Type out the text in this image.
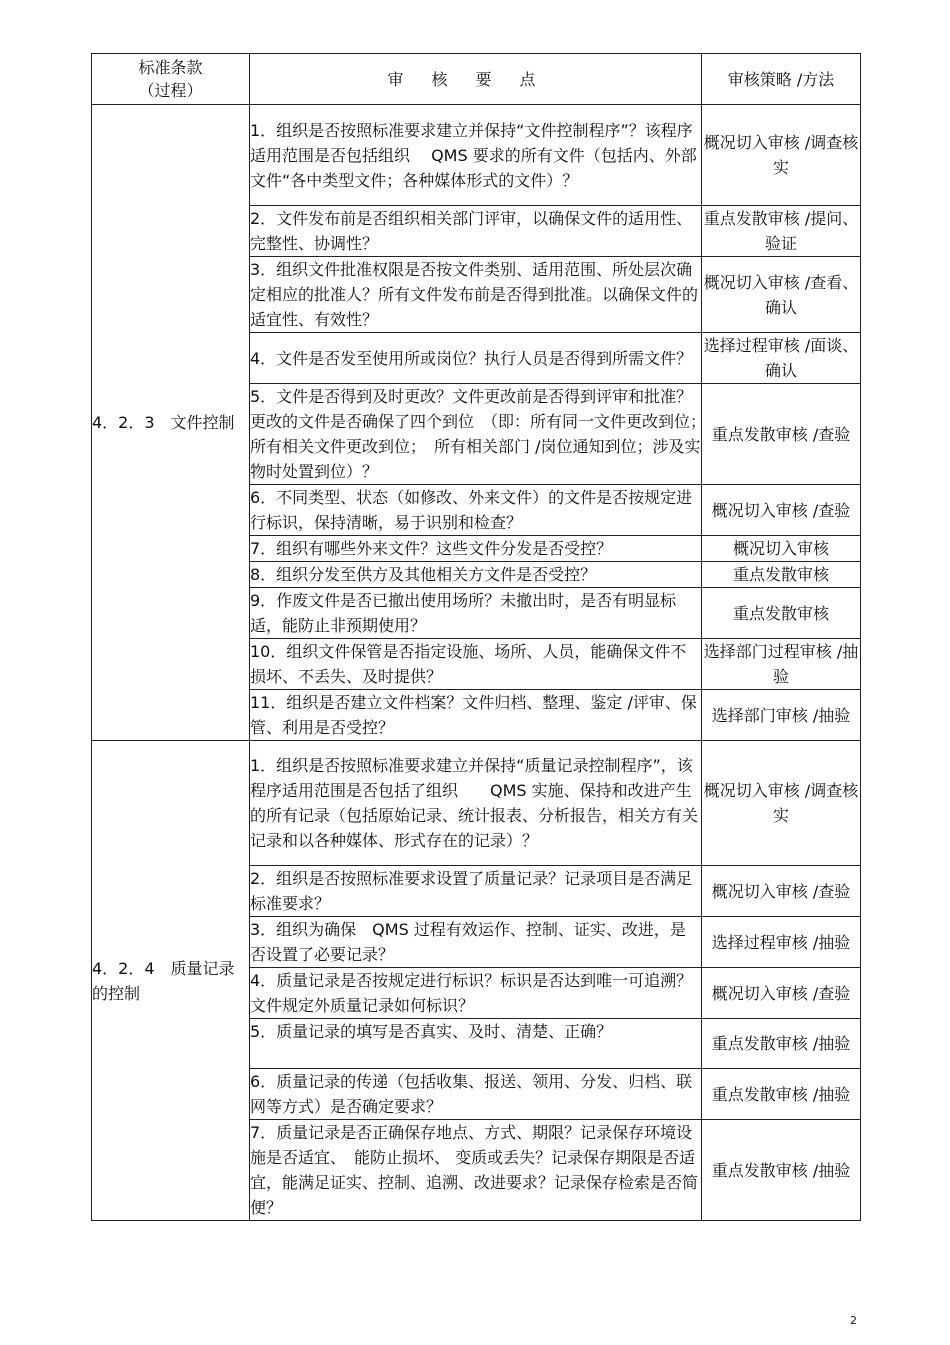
标准条款
（过程）	审核要点	审核策略 /方法
4．2．3　文件控制	1．组织是否按照标准要求建立并保持“文件控制程序”？该程序适用范围是否包括组织　 QMS 要求的所有文件（包括内、外部文件“各中类型文件；各种媒体形式的文件）？	概况切入审核 /调查核实
	2．文件发布前是否组织相关部门评审，以确保文件的适用性、完整性、协调性？	重点发散审核 /提问、验证
	3．组织文件批准权限是否按文件类别、适用范围、所处层次确定相应的批准人？所有文件发布前是否得到批准。以确保文件的适宜性、有效性？	概况切入审核 /查看、确认
	4．文件是否发至使用所或岗位？执行人员是否得到所需文件？	选择过程审核 /面谈、确认
	5．文件是否得到及时更改？文件更改前是否得到评审和批准？更改的文件是否确保了四个到位　（即：所有同一文件更改到位；　所有相关文件更改到位；　所有相关部门 /岗位通知到位；涉及实物时处置到位）？	重点发散审核 /查验
	6．不同类型、状态（如修改、外来文件）的文件是否按规定进行标识，保持清晰，易于识别和检查？	概况切入审核 /查验
	7．组织有哪些外来文件？这些文件分发是否受控？	概况切入审核
	8．组织分发至供方及其他相关方文件是否受控？	重点发散审核
	9．作废文件是否已撤出使用场所？未撤出时，是否有明显标适，能防止非预期使用？	重点发散审核
	10．组织文件保管是否指定设施、场所、人员，能确保文件不损坏、不丢失、及时提供？	选择部门过程审核 /抽验
	11．组织是否建立文件档案？文件归档、整理、鉴定 /评审、保管、利用是否受控？	选择部门审核 /抽验
4．2．4　质量记录的控制	1．组织是否按照标准要求建立并保持“质量记录控制程序”，该程序适用范围是否包括了组织　　QMS 实施、保持和改进产生的所有记录（包括原始记录、统计报表、分析报告，相关方有关记录和以各种媒体、形式存在的记录）？	概况切入审核 /调查核实
	2．组织是否按照标准要求设置了质量记录？记录项目是否满足标准要求？	概况切入审核 /查验
	3．组织为确保　QMS 过程有效运作、控制、证实、改进，是否设置了必要记录？	选择过程审核 /抽验
	4．质量记录是否按规定进行标识？标识是否达到唯一可追溯？文件规定外质量记录如何标识？	概况切入审核 /查验
	5．质量记录的填写是否真实、及时、清楚、正确？	重点发散审核 /抽验
	6．质量记录的传递（包括收集、报送、领用、分发、归档、联网等方式）是否确定要求？	重点发散审核 /抽验
	7．质量记录是否正确保存地点、方式、期限？记录保存环境设施是否适宜、　能防止损坏、 变质或丢失？记录保存期限是否适宜，能满足证实、控制、追溯、改进要求？记录保存检索是否简便？	重点发散审核 /抽验
2
